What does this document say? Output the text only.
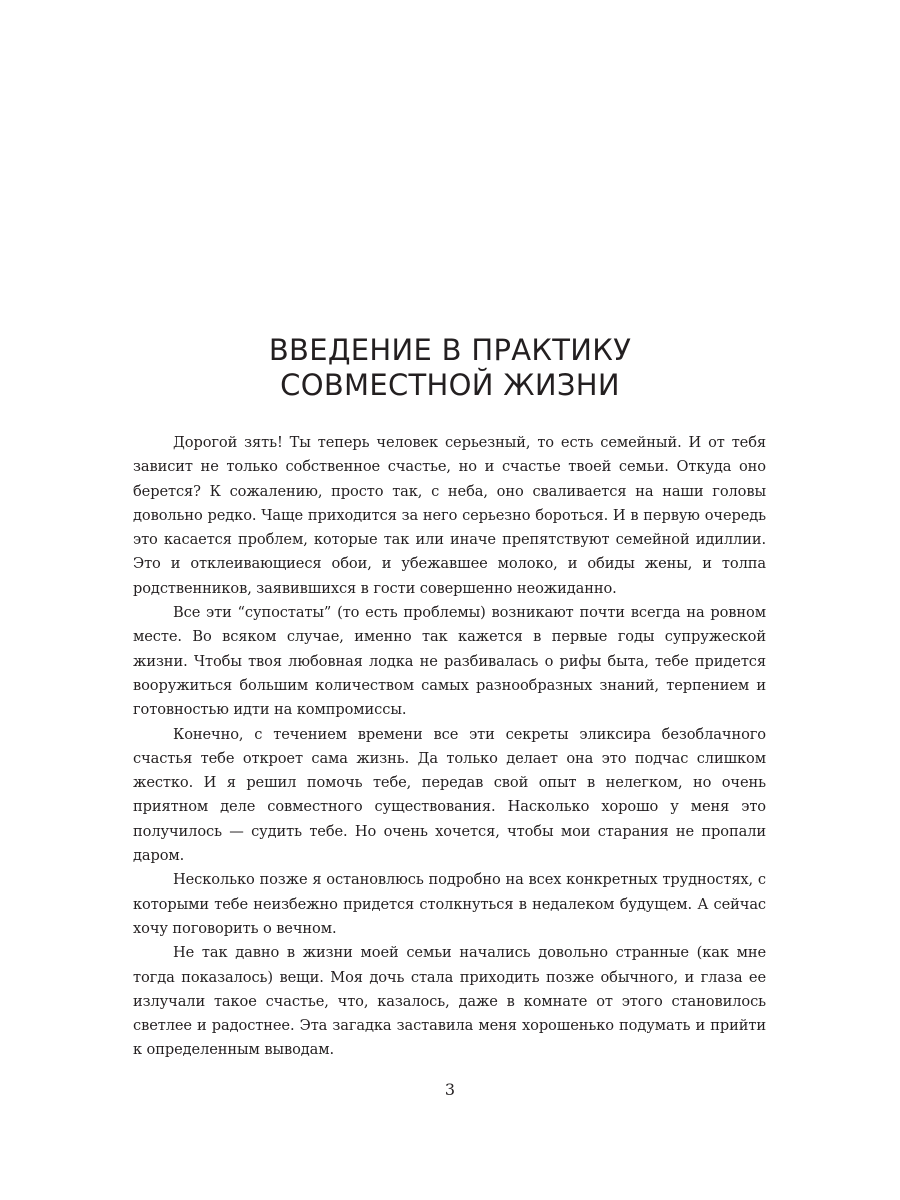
ВВЕДЕНИЕ В ПРАКТИКУ
СОВМЕСТНОЙ ЖИЗНИ

Дорогой зять! Ты теперь человек серьезный, то есть семейный. И от тебя зависит не только собственное счастье, но и счастье твоей семьи. Откуда оно берется? К сожалению, просто так, с неба, оно сваливается на наши головы довольно редко. Чаще приходится за него серьезно бороться. И в первую очередь это касается проблем, которые так или иначе препятствуют семейной идиллии. Это и отклеивающиеся обои, и убежавшее молоко, и обиды жены, и толпа родственников, заявившихся в гости совершенно неожиданно.

Все эти “супостаты” (то есть проблемы) возникают почти всегда на ровном месте. Во всяком случае, именно так кажется в первые годы супружеской жизни. Чтобы твоя любовная лодка не разбивалась о рифы быта, тебе придется вооружиться большим количеством самых разнообразных знаний, терпением и готовностью идти на компромиссы.

Конечно, с течением времени все эти секреты эликсира безоблачного счастья тебе откроет сама жизнь. Да только делает она это подчас слишком жестко. И я решил помочь тебе, передав свой опыт в нелегком, но очень приятном деле совместного существования. Насколько хорошо у меня это получилось — судить тебе. Но очень хочется, чтобы мои старания не пропали даром.

Несколько позже я остановлюсь подробно на всех конкретных трудностях, с которыми тебе неизбежно придется столкнуться в недалеком будущем. А сейчас хочу поговорить о вечном.

Не так давно в жизни моей семьи начались довольно странные (как мне тогда показалось) вещи. Моя дочь стала приходить позже обычного, и глаза ее излучали такое счастье, что, казалось, даже в комнате от этого становилось светлее и радостнее. Эта загадка заставила меня хорошенько подумать и прийти к определенным выводам.

3
